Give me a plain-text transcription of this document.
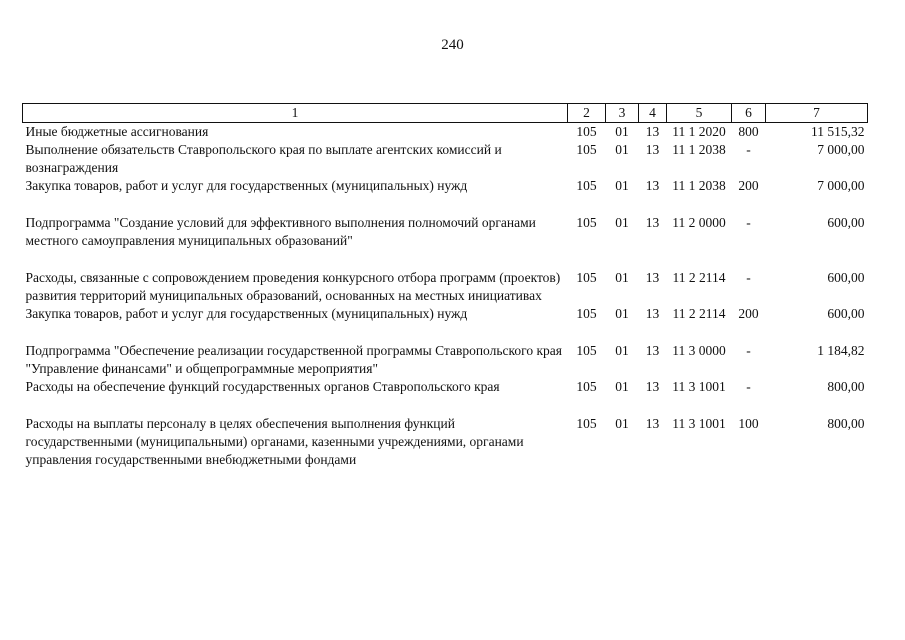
240
1	2	3	4	5	6	7
Иные бюджетные ассигнования	105	01	13	11 1 2020	800	11 515,32
Выполнение обязательств Ставропольского края по выплате агентских комиссий и вознаграждения	105	01	13	11 1 2038	-	7 000,00
Закупка товаров, работ и услуг для государственных (муниципальных) нужд	105	01	13	11 1 2038	200	7 000,00
Подпрограмма "Создание условий для эффективного выполнения полномочий органами местного самоуправления муниципальных образований"	105	01	13	11 2 0000	-	600,00
Расходы, связанные с сопровождением проведения конкурсного отбора программ (проектов) развития территорий муниципальных образований, основанных на местных инициативах	105	01	13	11 2 2114	-	600,00
Закупка товаров, работ и услуг для государственных (муниципальных) нужд	105	01	13	11 2 2114	200	600,00
Подпрограмма "Обеспечение реализации государственной программы Ставропольского края "Управление финансами" и общепрограммные мероприятия"	105	01	13	11 3 0000	-	1 184,82
Расходы на обеспечение функций государственных органов Ставропольского края	105	01	13	11 3 1001	-	800,00
Расходы на выплаты персоналу в целях обеспечения выполнения функций государственными (муниципальными) органами, казенными учреждениями, органами управления государственными внебюджетными фондами	105	01	13	11 3 1001	100	800,00
